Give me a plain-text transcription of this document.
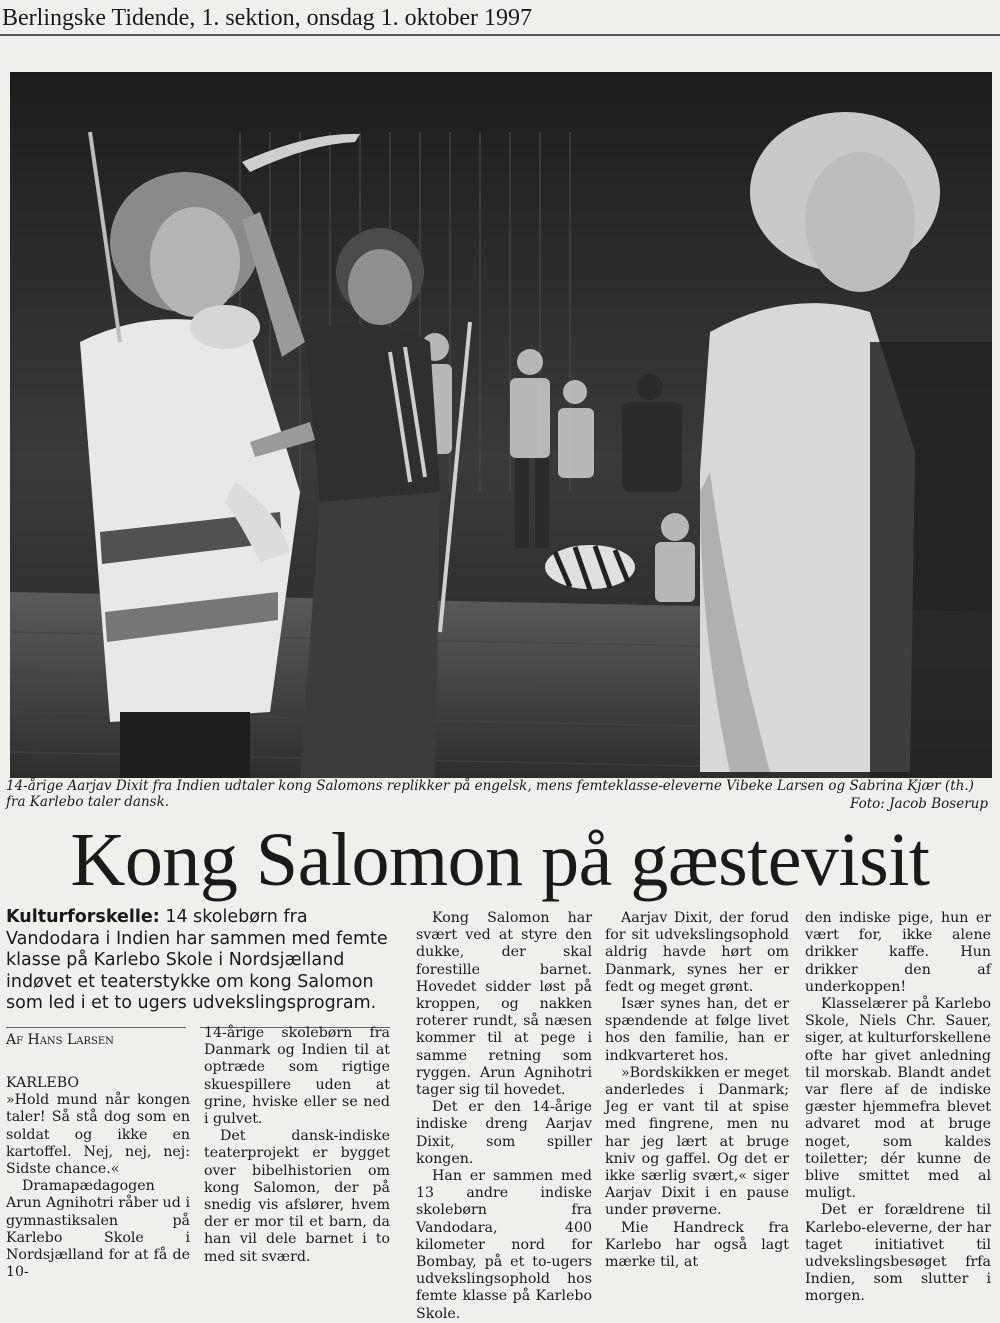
Berlingske Tidende, 1. sektion, onsdag 1. oktober 1997
14-årige Aarjav Dixit fra Indien udtaler kong Salomons replikker på engelsk, mens femteklasse-eleverne Vibeke Larsen og Sabrina Kjær (th.) fra Karlebo taler dansk.	Foto: Jacob Boserup
Kong Salomon på gæstevisit
Kulturforskelle: 14 skolebørn fra Vandodara i Indien har sammen med femte klasse på Karlebo Skole i Nordsjælland indøvet et teaterstykke om kong Salomon som led i et to ugers udvekslingsprogram.
Af Hans Larsen
KARLEBO

»Hold mund når kongen taler! Så stå dog som en soldat og ikke en kartoffel. Nej, nej, nej: Sidste chance.«

Dramapædagogen Arun Agnihotri råber ud i gymnastiksalen på Karlebo Skole i Nordsjælland for at få de 10-

14-årige skolebørn fra Danmark og Indien til at optræde som rigtige skuespillere uden at grine, hviske eller se ned i gulvet.

Det dansk-indiske teaterprojekt er bygget over bibelhistorien om kong Salomon, der på snedig vis afslører, hvem der er mor til et barn, da han vil dele barnet i to med sit sværd.

Kong Salomon har svært ved at styre den dukke, der skal forestille barnet. Hovedet sidder løst på kroppen, og nakken roterer rundt, så næsen kommer til at pege i samme retning som ryggen. Arun Agnihotri tager sig til hovedet.

Det er den 14-årige indiske dreng Aarjav Dixit, som spiller kongen.

Han er sammen med 13 andre indiske skolebørn fra Vandodara, 400 kilometer nord for Bombay, på et to-ugers udvekslingsophold hos femte klasse på Karlebo Skole.

Aarjav Dixit, der forud for sit udvekslingsophold aldrig havde hørt om Danmark, synes her er fedt og meget grønt.

Især synes han, det er spændende at følge livet hos den familie, han er indkvarteret hos.

»Bordskikken er meget anderledes i Danmark; Jeg er vant til at spise med fingrene, men nu har jeg lært at bruge kniv og gaffel. Og det er ikke særlig svært,« siger Aarjav Dixit i en pause under prøverne.

Mie Handreck fra Karlebo har også lagt mærke til, at

den indiske pige, hun er vært for, ikke alene drikker kaffe. Hun drikker den af underkoppen!

Klasselærer på Karlebo Skole, Niels Chr. Sauer, siger, at kulturforskellene ofte har givet anledning til morskab. Blandt andet var flere af de indiske gæster hjemmefra blevet advaret mod at bruge noget, som kaldes toiletter; dér kunne de blive smittet med al muligt.

Det er forældrene til Karlebo-eleverne, der har taget initiativet til udvekslingsbesøget frfa Indien, som slutter i morgen.
